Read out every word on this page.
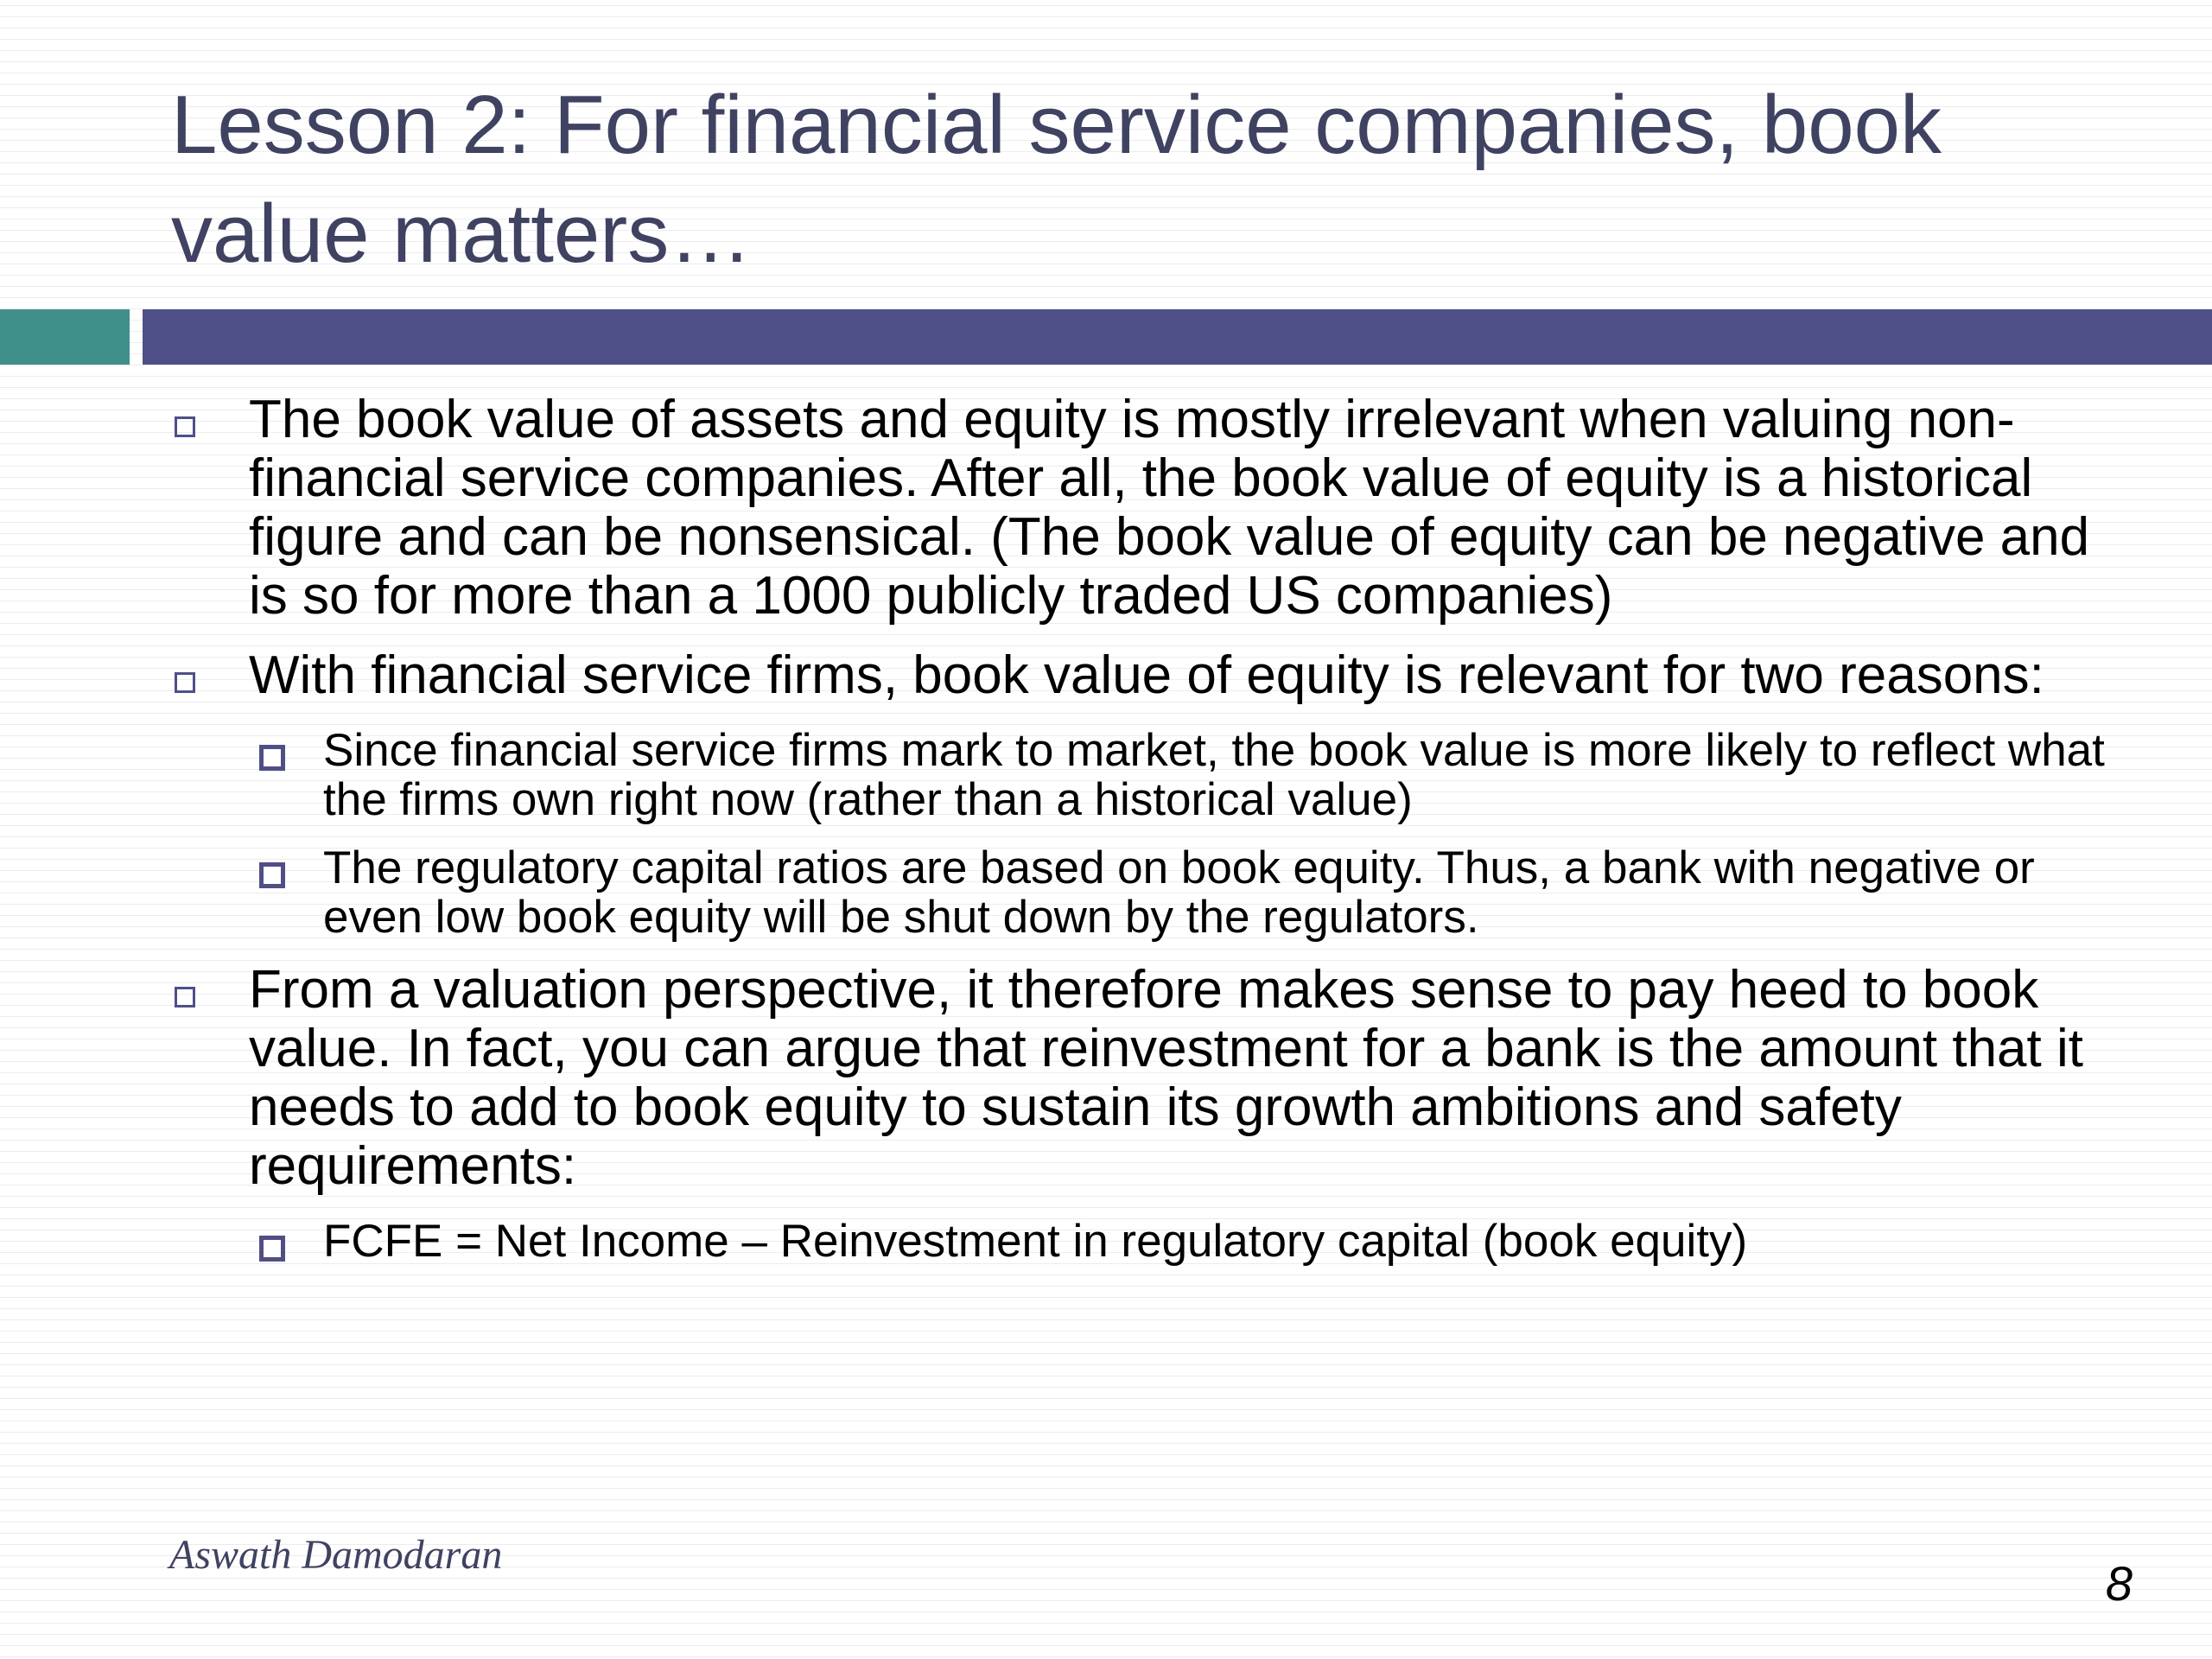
Lesson 2: For financial service companies, book value matters…
The book value of assets and equity is mostly irrelevant when valuing non-financial service companies. After all, the book value of equity is a historical figure and can be nonsensical. (The book value of equity can be negative and is so for more than a 1000 publicly traded US companies)
With financial service firms, book value of equity is relevant for two reasons:
Since financial service firms mark to market, the book value is more likely to reflect what the firms own right now (rather than a historical value)
The regulatory capital ratios are based on book equity. Thus, a bank with negative or even low book equity will be shut down by the regulators.
From a valuation perspective, it therefore makes sense to pay heed to book value. In fact, you can argue that reinvestment for a bank is the amount that it needs to add to book equity to sustain its growth ambitions and safety requirements:
FCFE = Net Income – Reinvestment in regulatory capital (book equity)
Aswath Damodaran
8
